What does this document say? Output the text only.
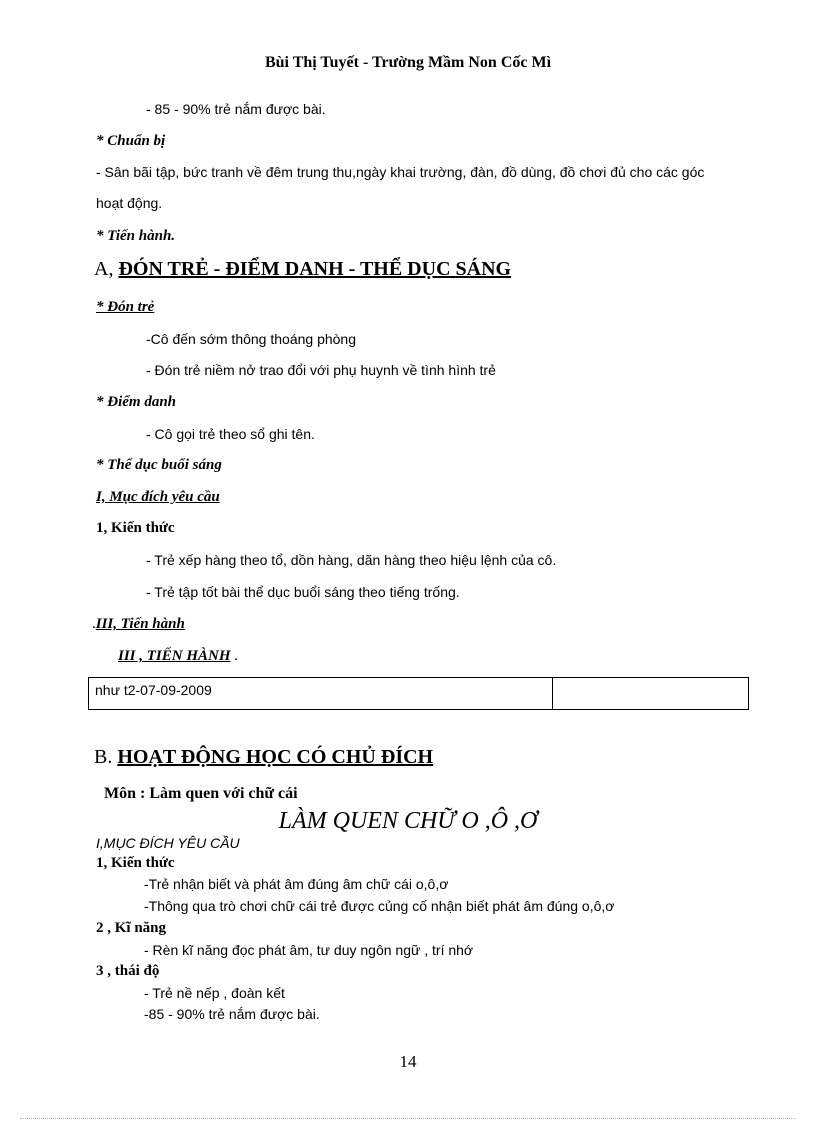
Bùi Thị Tuyết - Trường Mầm Non Cốc Mì
- 85 - 90% trẻ nắm được bài.
* Chuẩn bị
- Sân bãi tập, bức tranh về đêm trung thu,ngày khai trường, đàn, đồ dùng, đồ chơi đủ cho các góc
hoạt động.
* Tiến hành.
A, ĐÓN TRẺ - ĐIỂM DANH - THỂ DỤC SÁNG
* Đón trẻ
-Cô đến sớm thông thoáng phòng
- Đón trẻ niềm nở trao đổi với phụ huynh về tình hình trẻ
* Điểm danh
- Cô gọi trẻ theo sổ ghi tên.
* Thể dục buổi sáng
I, Mục đích yêu cầu
1, Kiến thức
- Trẻ xếp hàng theo tổ, dồn hàng, dãn hàng theo hiệu lệnh của cô.
- Trẻ tập tốt bài thể dục buổi sáng theo tiếng trống.
.III, Tiến hành
III , TIẾN HÀNH .
như t2-07-09-2009
B. HOẠT ĐỘNG HỌC CÓ CHỦ ĐÍCH
Môn : Làm quen với chữ cái
LÀM QUEN CHỮ O ,Ô ,Ơ
I,MỤC ĐÍCH YÊU CẦU
1, Kiến thức
-Trẻ nhận biết và phát âm đúng âm chữ cái o,ô,ơ
-Thông qua trò chơi chữ cái trẻ được củng cố nhận biết phát âm đúng o,ô,ơ
2 , Kĩ năng
- Rèn kĩ năng đọc phát âm, tư duy ngôn ngữ , trí nhớ
3 , thái độ
- Trẻ nề nếp , đoàn kết
-85 - 90% trẻ nắm được bài.
14
